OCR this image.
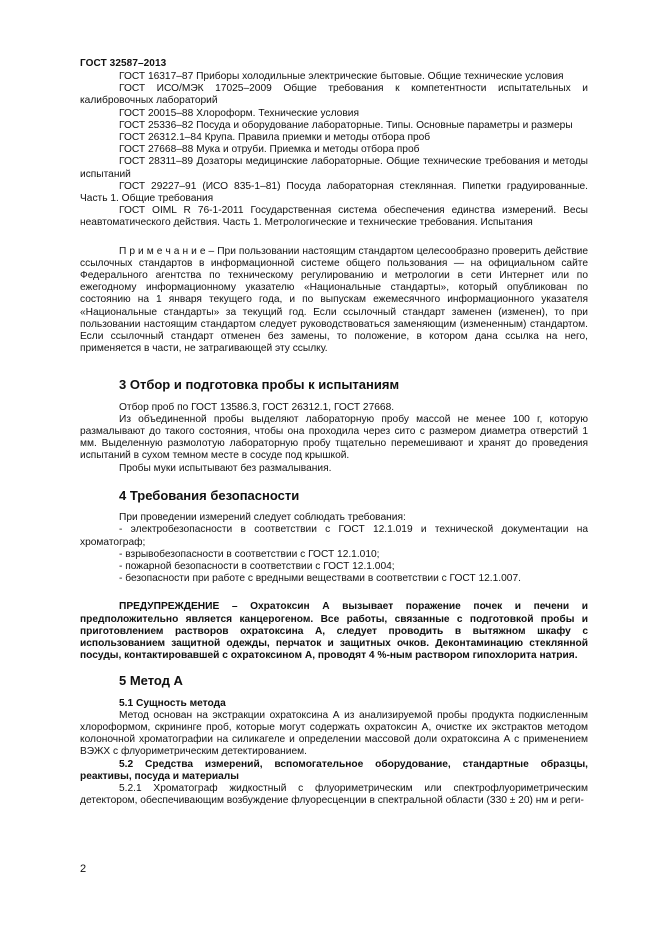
ГОСТ 32587–2013

ГОСТ 16317–87 Приборы холодильные электрические бытовые. Общие технические условия

ГОСТ ИСО/МЭК 17025–2009 Общие требования к компетентности испытательных и калибровочных лабораторий

ГОСТ 20015–88 Хлороформ. Технические условия

ГОСТ 25336–82 Посуда и оборудование лабораторные. Типы. Основные параметры и размеры

ГОСТ 26312.1–84 Крупа. Правила приемки и методы отбора проб

ГОСТ 27668–88 Мука и отруби. Приемка и методы отбора проб

ГОСТ 28311–89 Дозаторы медицинские лабораторные. Общие технические требования и методы испытаний

ГОСТ 29227–91 (ИСО 835-1–81) Посуда лабораторная стеклянная. Пипетки градуированные. Часть 1. Общие требования

ГОСТ OIML R 76-1-2011 Государственная система обеспечения единства измерений. Весы неавтоматического действия. Часть 1. Метрологические и технические требования. Испытания

П р и м е ч а н и е – При пользовании настоящим стандартом целесообразно проверить действие ссылочных стандартов в информационной системе общего пользования — на официальном сайте Федерального агентства по техническому регулированию и метрологии в сети Интернет или по ежегодному информационному указателю «Национальные стандарты», который опубликован по состоянию на 1 января текущего года, и по выпускам ежемесячного информационного указателя «Национальные стандарты» за текущий год. Если ссылочный стандарт заменен (изменен), то при пользовании настоящим стандартом следует руководствоваться заменяющим (измененным) стандартом. Если ссылочный стандарт отменен без замены, то положение, в котором дана ссылка на него, применяется в части, не затрагивающей эту ссылку.

3 Отбор и подготовка пробы к испытаниям

Отбор проб по ГОСТ 13586.3, ГОСТ 26312.1, ГОСТ 27668.

Из объединенной пробы выделяют лабораторную пробу массой не менее 100 г, которую размалывают до такого состояния, чтобы она проходила через сито с размером диаметра отверстий 1 мм. Выделенную размолотую лабораторную пробу тщательно перемешивают и хранят до проведения испытаний в сухом темном месте в сосуде под крышкой.

Пробы муки испытывают без размалывания.

4 Требования безопасности

При проведении измерений следует соблюдать требования:

- электробезопасности в соответствии с ГОСТ 12.1.019 и технической документации на хроматограф;

- взрывобезопасности в соответствии с ГОСТ 12.1.010;

- пожарной безопасности в соответствии с ГОСТ 12.1.004;

- безопасности при работе с вредными веществами в соответствии с ГОСТ 12.1.007.

ПРЕДУПРЕЖДЕНИЕ – Охратоксин А вызывает поражение почек и печени и предположительно является канцерогеном. Все работы, связанные с подготовкой пробы и приготовлением растворов охратоксина А, следует проводить в вытяжном шкафу с использованием защитной одежды, перчаток и защитных очков. Деконтаминацию стеклянной посуды, контактировавшей с охратоксином А, проводят 4 %-ным раствором гипохлорита натрия.

5 Метод А

5.1 Сущность метода

Метод основан на экстракции охратоксина А из анализируемой пробы продукта подкисленным хлороформом, скрининге проб, которые могут содержать охратоксин А, очистке их экстрактов методом колоночной хроматографии на силикагеле и определении массовой доли охратоксина А с применением ВЭЖХ с флуориметрическим детектированием.

5.2 Средства измерений, вспомогательное оборудование, стандартные образцы, реактивы, посуда и материалы

5.2.1 Хроматограф жидкостный с флуориметрическим или спектрофлуориметрическим детектором, обеспечивающим возбуждение флуоресценции в спектральной области (330 ± 20) нм и реги-

2
